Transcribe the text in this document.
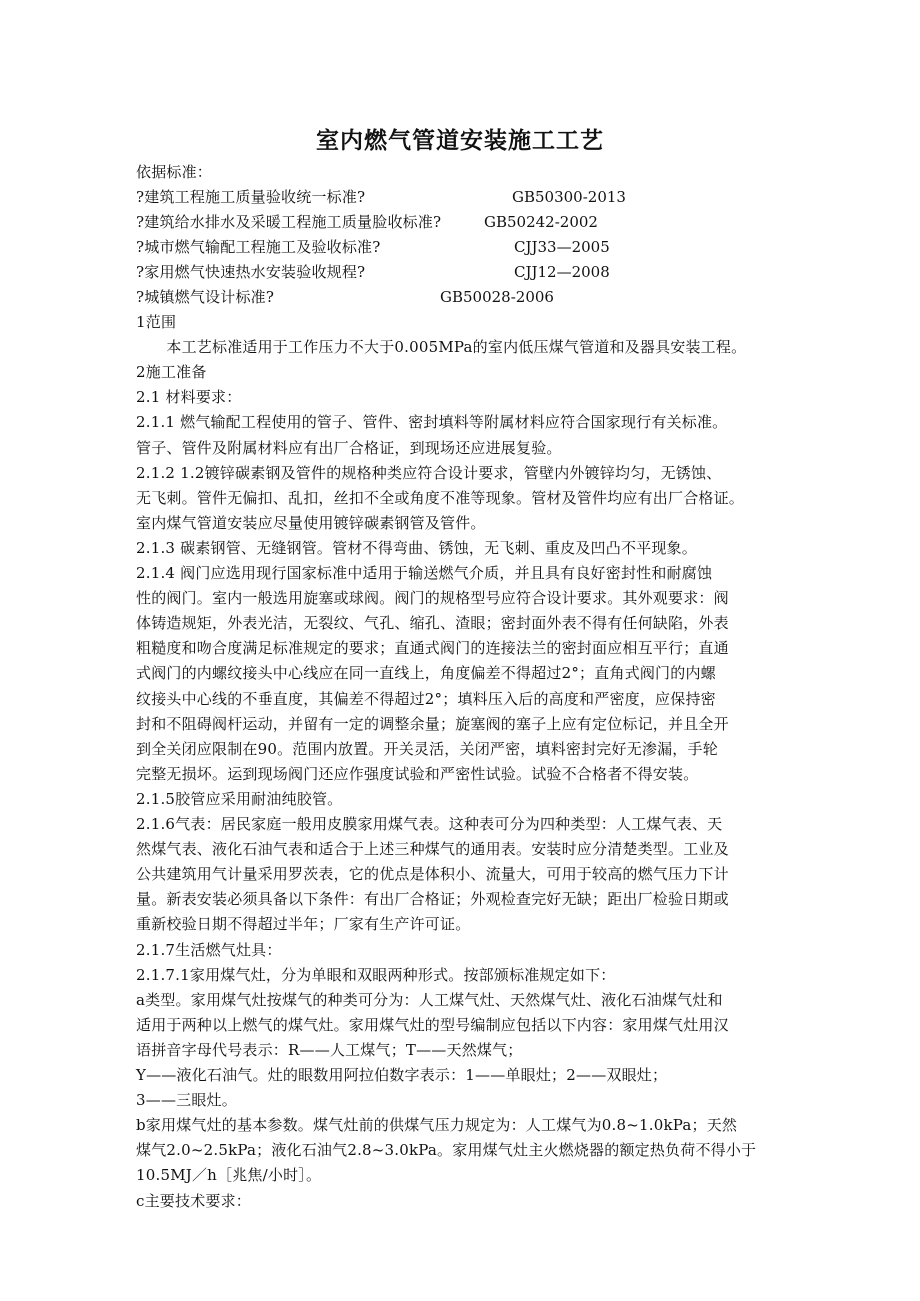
室内燃气管道安装施工工艺
依据标准：
?建筑工程施工质量验收统一标准?	GB50300-2013
?建筑给水排水及采暖工程施工质量脸收标准?	GB50242-2002
?城市燃气输配工程施工及验收标准?	CJJ33—2005
?家用燃气快速热水安装验收规程?	CJJ12—2008
?城镇燃气设计标准?	GB50028-2006
1范围
　　本工艺标准适用于工作压力不大于0.005MPa的室内低压煤气管道和及器具安装工程。
2施工准备
2.1 材料要求：
2.1.1 燃气输配工程使用的管子、管件、密封填料等附属材料应符合国家现行有关标准。
管子、管件及附属材料应有出厂合格证，到现场还应进展复验。
2.1.2 1.2镀锌碳素钢及管件的规格种类应符合设计要求，管壁内外镀锌均匀，无锈蚀、
无飞刺。管件无偏扣、乱扣，丝扣不全或角度不准等现象。管材及管件均应有出厂合格证。
室内煤气管道安装应尽量使用镀锌碳素钢管及管件。
2.1.3 碳素钢管、无缝钢管。管材不得弯曲、锈蚀，无飞刺、重皮及凹凸不平现象。
2.1.4 阀门应选用现行国家标准中适用于输送燃气介质，并且具有良好密封性和耐腐蚀
性的阀门。室内一般选用旋塞或球阀。阀门的规格型号应符合设计要求。其外观要求：阀
体铸造规矩，外表光洁，无裂纹、气孔、缩孔、渣眼；密封面外表不得有任何缺陷，外表
粗糙度和吻合度满足标准规定的要求；直通式阀门的连接法兰的密封面应相互平行；直通
式阀门的内螺纹接头中心线应在同一直线上，角度偏差不得超过2°；直角式阀门的内螺
纹接头中心线的不垂直度，其偏差不得超过2°；填料压入后的高度和严密度，应保持密
封和不阻碍阀杆运动，并留有一定的调整余量；旋塞阀的塞子上应有定位标记，并且全开
到全关闭应限制在90。范围内放置。开关灵活，关闭严密，填料密封完好无渗漏，手轮
完整无损坏。运到现场阀门还应作强度试验和严密性试验。试验不合格者不得安装。
2.1.5胶管应采用耐油纯胶管。
2.1.6气表：居民家庭一般用皮膜家用煤气表。这种表可分为四种类型：人工煤气表、天
然煤气表、液化石油气表和适合于上述三种煤气的通用表。安装时应分清楚类型。工业及
公共建筑用气计量采用罗茨表，它的优点是体积小、流量大，可用于较高的燃气压力下计
量。新表安装必须具备以下条件：有出厂合格证；外观检查完好无缺；距出厂检验日期或
重新校验日期不得超过半年；厂家有生产许可证。
2.1.7生活燃气灶具：
2.1.7.1家用煤气灶，分为单眼和双眼两种形式。按部颁标准规定如下：
a类型。家用煤气灶按煤气的种类可分为：人工煤气灶、天然煤气灶、液化石油煤气灶和
适用于两种以上燃气的煤气灶。家用煤气灶的型号编制应包括以下内容：家用煤气灶用汉
语拼音字母代号表示：R——人工煤气；T——天然煤气；
Y——液化石油气。灶的眼数用阿拉伯数字表示：1——单眼灶；2——双眼灶；
3——三眼灶。
b家用煤气灶的基本参数。煤气灶前的供煤气压力规定为：人工煤气为0.8~1.0kPa；天然
煤气2.0~2.5kPa；液化石油气2.8~3.0kPa。家用煤气灶主火燃烧器的额定热负荷不得小于
10.5MJ／h［兆焦/小时］。
c主要技术要求：
